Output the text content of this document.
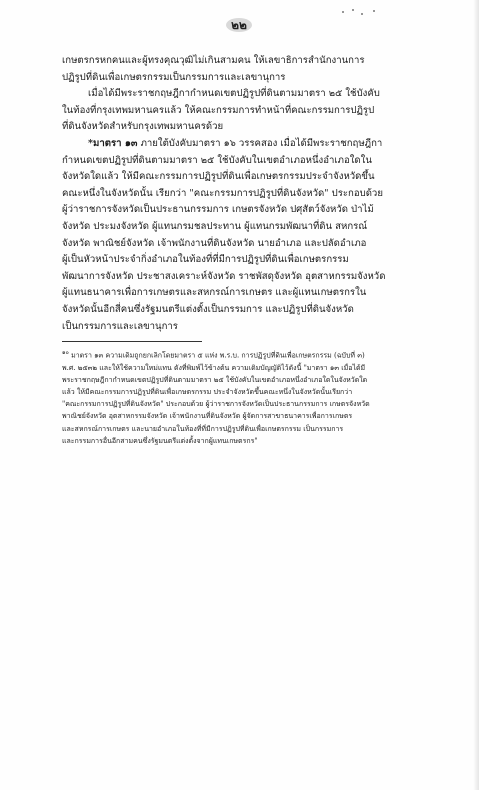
๒๒

เกษตรกรหกคนและผู้ทรงคุณวุฒิไม่เกินสามคน ให้เลขาธิการสำนักงานการ
ปฏิรูปที่ดินเพื่อเกษตรกรรมเป็นกรรมการและเลขานุการ

เมื่อได้มีพระราชกฤษฎีกากำหนดเขตปฏิรูปที่ดินตามมาตรา ๒๕ ใช้บังคับ
ในท้องที่กรุงเทพมหานครแล้ว ให้คณะกรรมการทำหน้าที่คณะกรรมการปฏิรูป
ที่ดินจังหวัดสำหรับกรุงเทพมหานครด้วย

*มาตรา ๑๓ ภายใต้บังคับมาตรา ๑๖ วรรคสอง เมื่อได้มีพระราชกฤษฎีกา
กำหนดเขตปฏิรูปที่ดินตามมาตรา ๒๕ ใช้บังคับในเขตอำเภอหนึ่งอำเภอใดใน
จังหวัดใดแล้ว ให้มีคณะกรรมการปฏิรูปที่ดินเพื่อเกษตรกรรมประจำจังหวัดขึ้น
คณะหนึ่งในจังหวัดนั้น เรียกว่า "คณะกรรมการปฏิรูปที่ดินจังหวัด" ประกอบด้วย
ผู้ว่าราชการจังหวัดเป็นประธานกรรมการ เกษตรจังหวัด ปศุสัตว์จังหวัด ป่าไม้
จังหวัด ประมงจังหวัด ผู้แทนกรมชลประทาน ผู้แทนกรมพัฒนาที่ดิน สหกรณ์
จังหวัด พาณิชย์จังหวัด เจ้าพนักงานที่ดินจังหวัด นายอำเภอ และปลัดอำเภอ
ผู้เป็นหัวหน้าประจำกิ่งอำเภอในท้องที่ที่มีการปฏิรูปที่ดินเพื่อเกษตรกรรม
พัฒนาการจังหวัด ประชาสงเคราะห์จังหวัด ราชพัสดุจังหวัด อุตสาหกรรมจังหวัด
ผู้แทนธนาคารเพื่อการเกษตรและสหกรณ์การเกษตร และผู้แทนเกษตรกรใน
จังหวัดนั้นอีกสี่คนซึ่งรัฐมนตรีแต่งตั้งเป็นกรรมการ และปฏิรูปที่ดินจังหวัด
เป็นกรรมการและเลขานุการ

$^{๑๐}$ มาตรา ๑๓ ความเดิมถูกยกเลิกโดยมาตรา ๕ แห่ง พ.ร.บ. การปฏิรูปที่ดินเพื่อเกษตรกรรม (ฉบับที่ ๓)
พ.ศ. ๒๕๓๒ และให้ใช้ความใหม่แทน ดังที่พิมพ์ไว้ข้างต้น ความเดิมบัญญัติไว้ดังนี้ "มาตรา ๑๓ เมื่อได้มี
พระราชกฤษฎีกากำหนดเขตปฏิรูปที่ดินตามมาตรา ๒๕ ใช้บังคับในเขตอำเภอหนึ่งอำเภอใดในจังหวัดใด
แล้ว ให้มีคณะกรรมการปฏิรูปที่ดินเพื่อเกษตรกรรม ประจำจังหวัดขึ้นคณะหนึ่งในจังหวัดนั้นเรียกว่า
"คณะกรรมการปฏิรูปที่ดินจังหวัด" ประกอบด้วย ผู้ว่าราชการจังหวัดเป็นประธานกรรมการ เกษตรจังหวัด
พาณิชย์จังหวัด อุตสาหกรรมจังหวัด เจ้าพนักงานที่ดินจังหวัด ผู้จัดการสาขาธนาคารเพื่อการเกษตร
และสหกรณ์การเกษตร และนายอำเภอในท้องที่ที่มีการปฏิรูปที่ดินเพื่อเกษตรกรรม เป็นกรรมการ
และกรรมการอื่นอีกสามคนซึ่งรัฐมนตรีแต่งตั้งจากผู้แทนเกษตรกร"
